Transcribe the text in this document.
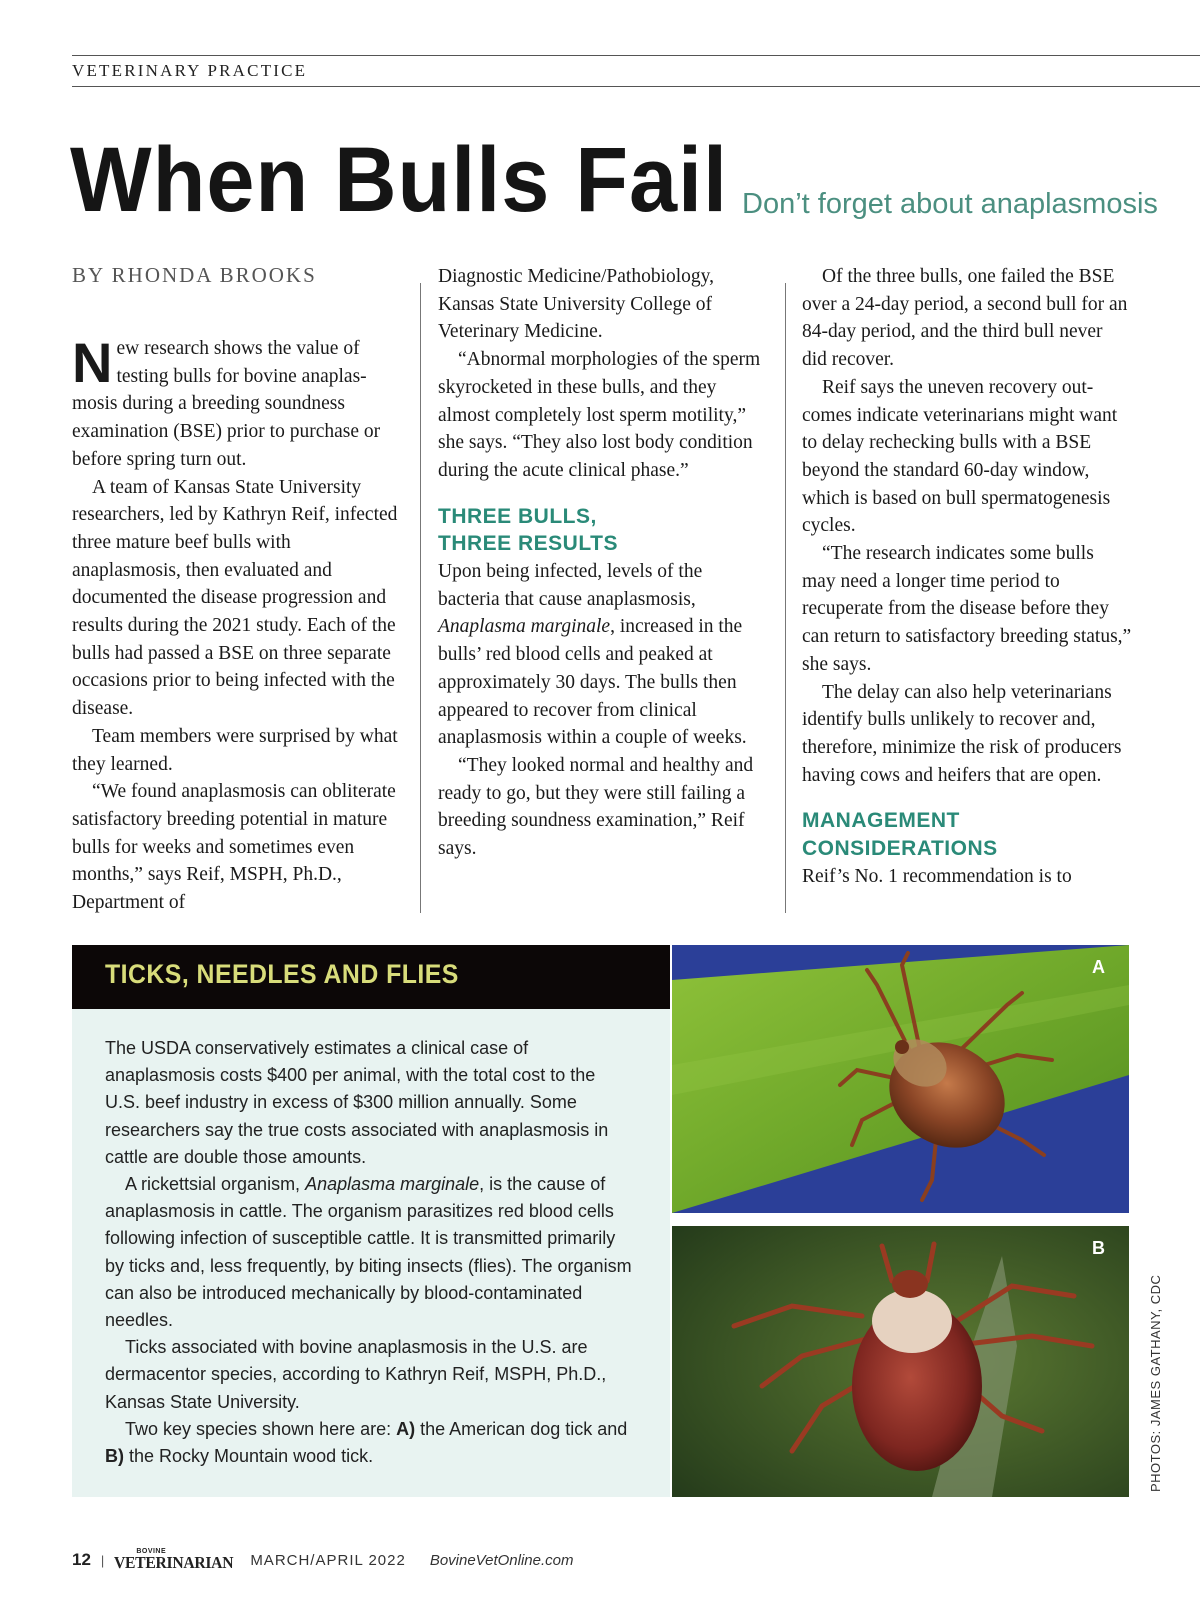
VETERINARY PRACTICE
When Bulls Fail Don’t forget about anaplasmosis
BY RHONDA BROOKS

New research shows the value of testing bulls for bovine anaplasmosis during a breeding soundness examination (BSE) prior to purchase or before spring turn out.

A team of Kansas State University researchers, led by Kathryn Reif, infected three mature beef bulls with anaplasmosis, then evaluated and documented the disease progression and results during the 2021 study. Each of the bulls had passed a BSE on three separate occasions prior to being infected with the disease.

Team members were surprised by what they learned.

“We found anaplasmosis can obliterate satisfactory breeding potential in mature bulls for weeks and sometimes even months,” says Reif, MSPH, Ph.D., Department of

Diagnostic Medicine/Pathobiology, Kansas State University College of Veterinary Medicine.

“Abnormal morphologies of the sperm skyrocketed in these bulls, and they almost completely lost sperm motility,” she says. “They also lost body condition during the acute clinical phase.”

THREE BULLS,
THREE RESULTS

Upon being infected, levels of the bacteria that cause anaplasmosis, Anaplasma marginale, increased in the bulls’ red blood cells and peaked at approximately 30 days. The bulls then appeared to recover from clinical anaplasmosis within a couple of weeks.

“They looked normal and healthy and ready to go, but they were still failing a breeding soundness examination,” Reif says.

Of the three bulls, one failed the BSE over a 24-day period, a second bull for an 84-day period, and the third bull never did recover.

Reif says the uneven recovery outcomes indicate veterinarians might want to delay rechecking bulls with a BSE beyond the standard 60-day window, which is based on bull spermatogenesis cycles.

“The research indicates some bulls may need a longer time period to recuperate from the disease before they can return to satisfactory breeding status,” she says.

The delay can also help veterinarians identify bulls unlikely to recover and, therefore, minimize the risk of producers having cows and heifers that are open.

MANAGEMENT
CONSIDERATIONS

Reif’s No. 1 recommendation is to

TICKS, NEEDLES AND FLIES

The USDA conservatively estimates a clinical case of anaplasmosis costs $400 per animal, with the total cost to the U.S. beef industry in excess of $300 million annually. Some researchers say the true costs associated with anaplasmosis in cattle are double those amounts.

A rickettsial organism, Anaplasma marginale, is the cause of anaplasmosis in cattle. The organism parasitizes red blood cells following infection of susceptible cattle. It is transmitted primarily by ticks and, less frequently, by biting insects (flies). The organism can also be introduced mechanically by blood-contaminated needles.

Ticks associated with bovine anaplasmosis in the U.S. are dermacentor species, according to Kathryn Reif, MSPH, Ph.D., Kansas State University.

Two key species shown here are: A) the American dog tick and B) the Rocky Mountain wood tick.

A
B
PHOTOS: JAMES GATHANY, CDC
12 |
BOVINE
VETERINARIAN MARCH/APRIL 2022 BovineVetOnline.com
